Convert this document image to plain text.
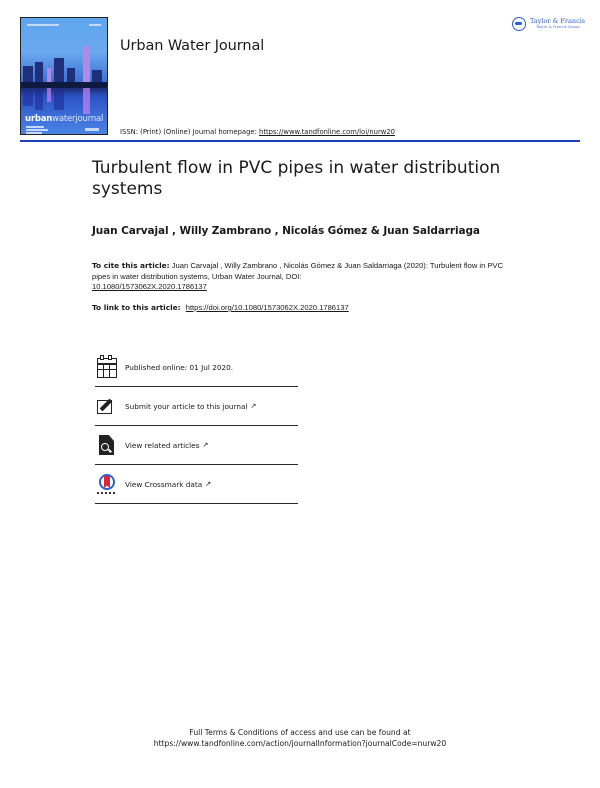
urbanwaterjournal
Urban Water Journal
Taylor & Francis
Taylor & Francis Group
ISSN: (Print) (Online) Journal homepage: https://www.tandfonline.com/loi/nurw20
Turbulent flow in PVC pipes in water distribution systems
Juan Carvajal , Willy Zambrano , Nicolás Gómez & Juan Saldarriaga
To cite this article: Juan Carvajal , Willy Zambrano , Nicolás Gómez & Juan Saldarriaga (2020): Turbulent flow in PVC pipes in water distribution systems, Urban Water Journal, DOI:
10.1080/1573062X.2020.1786137
To link to this article: https://doi.org/10.1080/1573062X.2020.1786137
Published online: 01 Jul 2020.
Submit your article to this journal ↗
View related articles ↗
View Crossmark data ↗
Full Terms & Conditions of access and use can be found at
https://www.tandfonline.com/action/journalInformation?journalCode=nurw20
